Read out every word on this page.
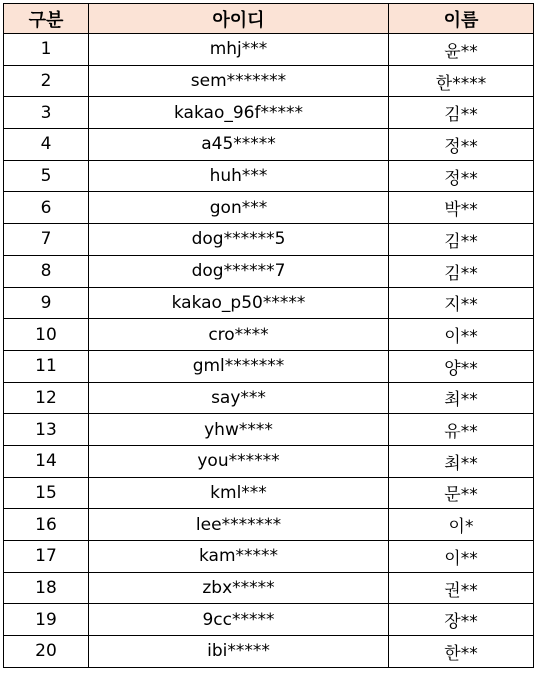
구분	아이디	이름
1	mhj***	윤**
2	sem*******	한****
3	kakao_96f*****	김**
4	a45*****	정**
5	huh***	정**
6	gon***	박**
7	dog******5	김**
8	dog******7	김**
9	kakao_p50*****	지**
10	cro****	이**
11	gml*******	양**
12	say***	최**
13	yhw****	유**
14	you******	최**
15	kml***	문**
16	lee*******	이*
17	kam*****	이**
18	zbx*****	권**
19	9cc*****	장**
20	ibi*****	한**
